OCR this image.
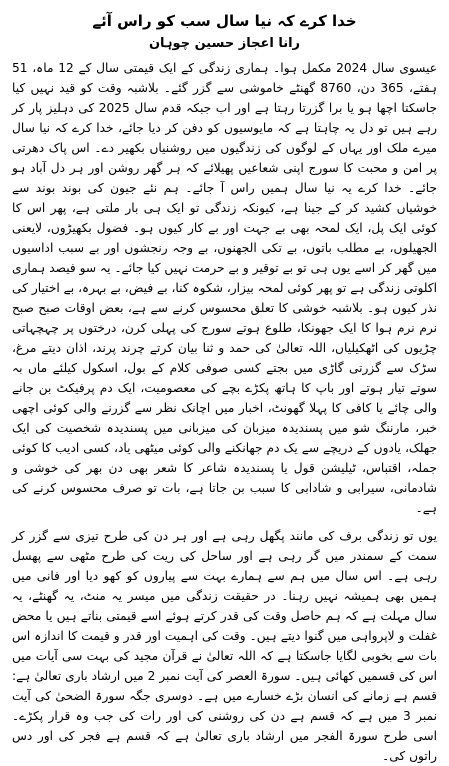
خدا کرے کہ نیا سال سب کو راس آئے
رانا اعجاز حسین چوہان

عیسوی سال 2024 مکمل ہوا۔ ہماری زندگی کے ایک قیمتی سال کے 12 ماہ، 51 ہفتے، 365 دن، 8760 گھنٹے خاموشی سے گزر گئے۔ بلاشبہ وقت کو قید نہیں کیا جاسکتا اچھا ہو یا برا گزرتا رہتا ہے اور اب جبکہ قدم سال 2025 کی دہلیز پار کر رہے ہیں تو دل یہ چاہتا ہے کہ مایوسیوں کو دفن کر دیا جائے، خدا کرے کہ نیا سال میرے ملک اور یہاں کے لوگوں کی زندگیوں میں روشنیاں بکھیر دے۔ اس پاک دھرتی پر امن و محبت کا سورج اپنی شعاعیں پھیلائے کہ ہر گھر روشن اور ہر دل آباد ہو جائے۔ خدا کرے یہ نیا سال ہمیں راس آ جائے۔ ہم نئے جیون کی بوند بوند سے خوشیاں کشید کر کے جینا ہے، کیونکہ زندگی تو ایک ہی بار ملتی ہے، پھر اس کا کوئی ایک پل، ایک لمحہ بھی بے جہت اور بے کار کیوں ہو۔ فضول بکھیڑوں، لایعنی الجھیلوں، بے مطلب باتوں، بے تکی الجھنوں، بے وجہ رنجشوں اور بے سبب اداسیوں میں گھر کر اسے یوں ہی تو بے توقیر و بے حرمت نہیں کیا جائے۔ یہ سو فیصد ہماری اکلوتی زندگی ہے تو پھر کوئی لمحہ بیزار، شکوہ کنا، بے فیض، بے بہرہ، بے اختیار کی نذر کیوں ہو۔ بلاشبہ خوشی کا تعلق محسوس کرنے سے ہے، بعض اوقات صبح صبح نرم نرم ہوا کا ایک جھونکا، طلوع ہوتے سورج کی پہلی کرن، درختوں پر چہچہاتی چڑیوں کی اٹھکیلیاں، اللہ تعالیٰ کی حمد و ثنا بیان کرتے چرند پرند، اذان دیتے مرغ، سڑک سے گزرتی گاڑی میں بجتے کسی صوفی کلام کے بول، اسکول کیلئے ماں بہ سوتے تیار ہوتے اور باپ کا ہاتھ پکڑے بچے کی معصومیت، ایک دم پرفیکٹ بن جانے والی چائے یا کافی کا پہلا گھونٹ، اخبار میں اچانک نظر سے گزرنے والی کوئی اچھی خبر، مارننگ شو میں پسندیدہ میزبان کی میزبانی میں پسندیدہ شخصیت کی ایک جھلک، یادوں کے دریچے سے یک دم جھانکنے والی کوئی میٹھی یاد، کسی ادیب کا کوئی جملہ، اقتباس، ٹیلیشن قول یا پسندیدہ شاعر کا شعر بھی دن بھر کی خوشی و شادمانی، سیرابی و شادابی کا سبب بن جاتا ہے، بات تو صرف محسوس کرنے کی ہے۔

یوں تو زندگی برف کی مانند پگھل رہی ہے اور ہر دن کی طرح تیزی سے گزر کر سمت کے سمندر میں گر رہی ہے اور ساحل کی ریت کی طرح مٹھی سے پھسل رہی ہے۔ اس سال میں ہم سے ہمارے بہت سے پیاروں کو کھو دیا اور فانی میں ہمیں بھی ہمیشہ نہیں رہنا۔ در حقیقت زندگی میں میسر یہ منٹ، یہ گھنٹے، یہ سال مہلت ہے کہ ہم حاصل وقت کی قدر کرتے ہوئے اسے قیمتی بناتے ہیں یا محض غفلت و لاپرواہی میں گنوا دیتے ہیں۔ وقت کی اہمیت اور قدر و قیمت کا اندازہ اس بات سے بخوبی لگایا جاسکتا ہے کہ اللہ تعالیٰ نے قرآن مجید کی بہت سی آیات میں اس کی قسمیں کھائی ہیں۔ سورۃ العصر کی آیت نمبر 2 میں ارشاد باری تعالیٰ ہے: قسم ہے زمانے کی انسان بڑے خسارے میں ہے۔ دوسری جگہ سورۃ الضحیٰ کی آیت نمبر 3 میں ہے کہ قسم ہے دن کی روشنی کی اور رات کی جب وہ قرار پکڑے۔ اسی طرح سورۃ الفجر میں ارشاد باری تعالیٰ ہے کہ قسم ہے فجر کی اور دس راتوں کی۔
